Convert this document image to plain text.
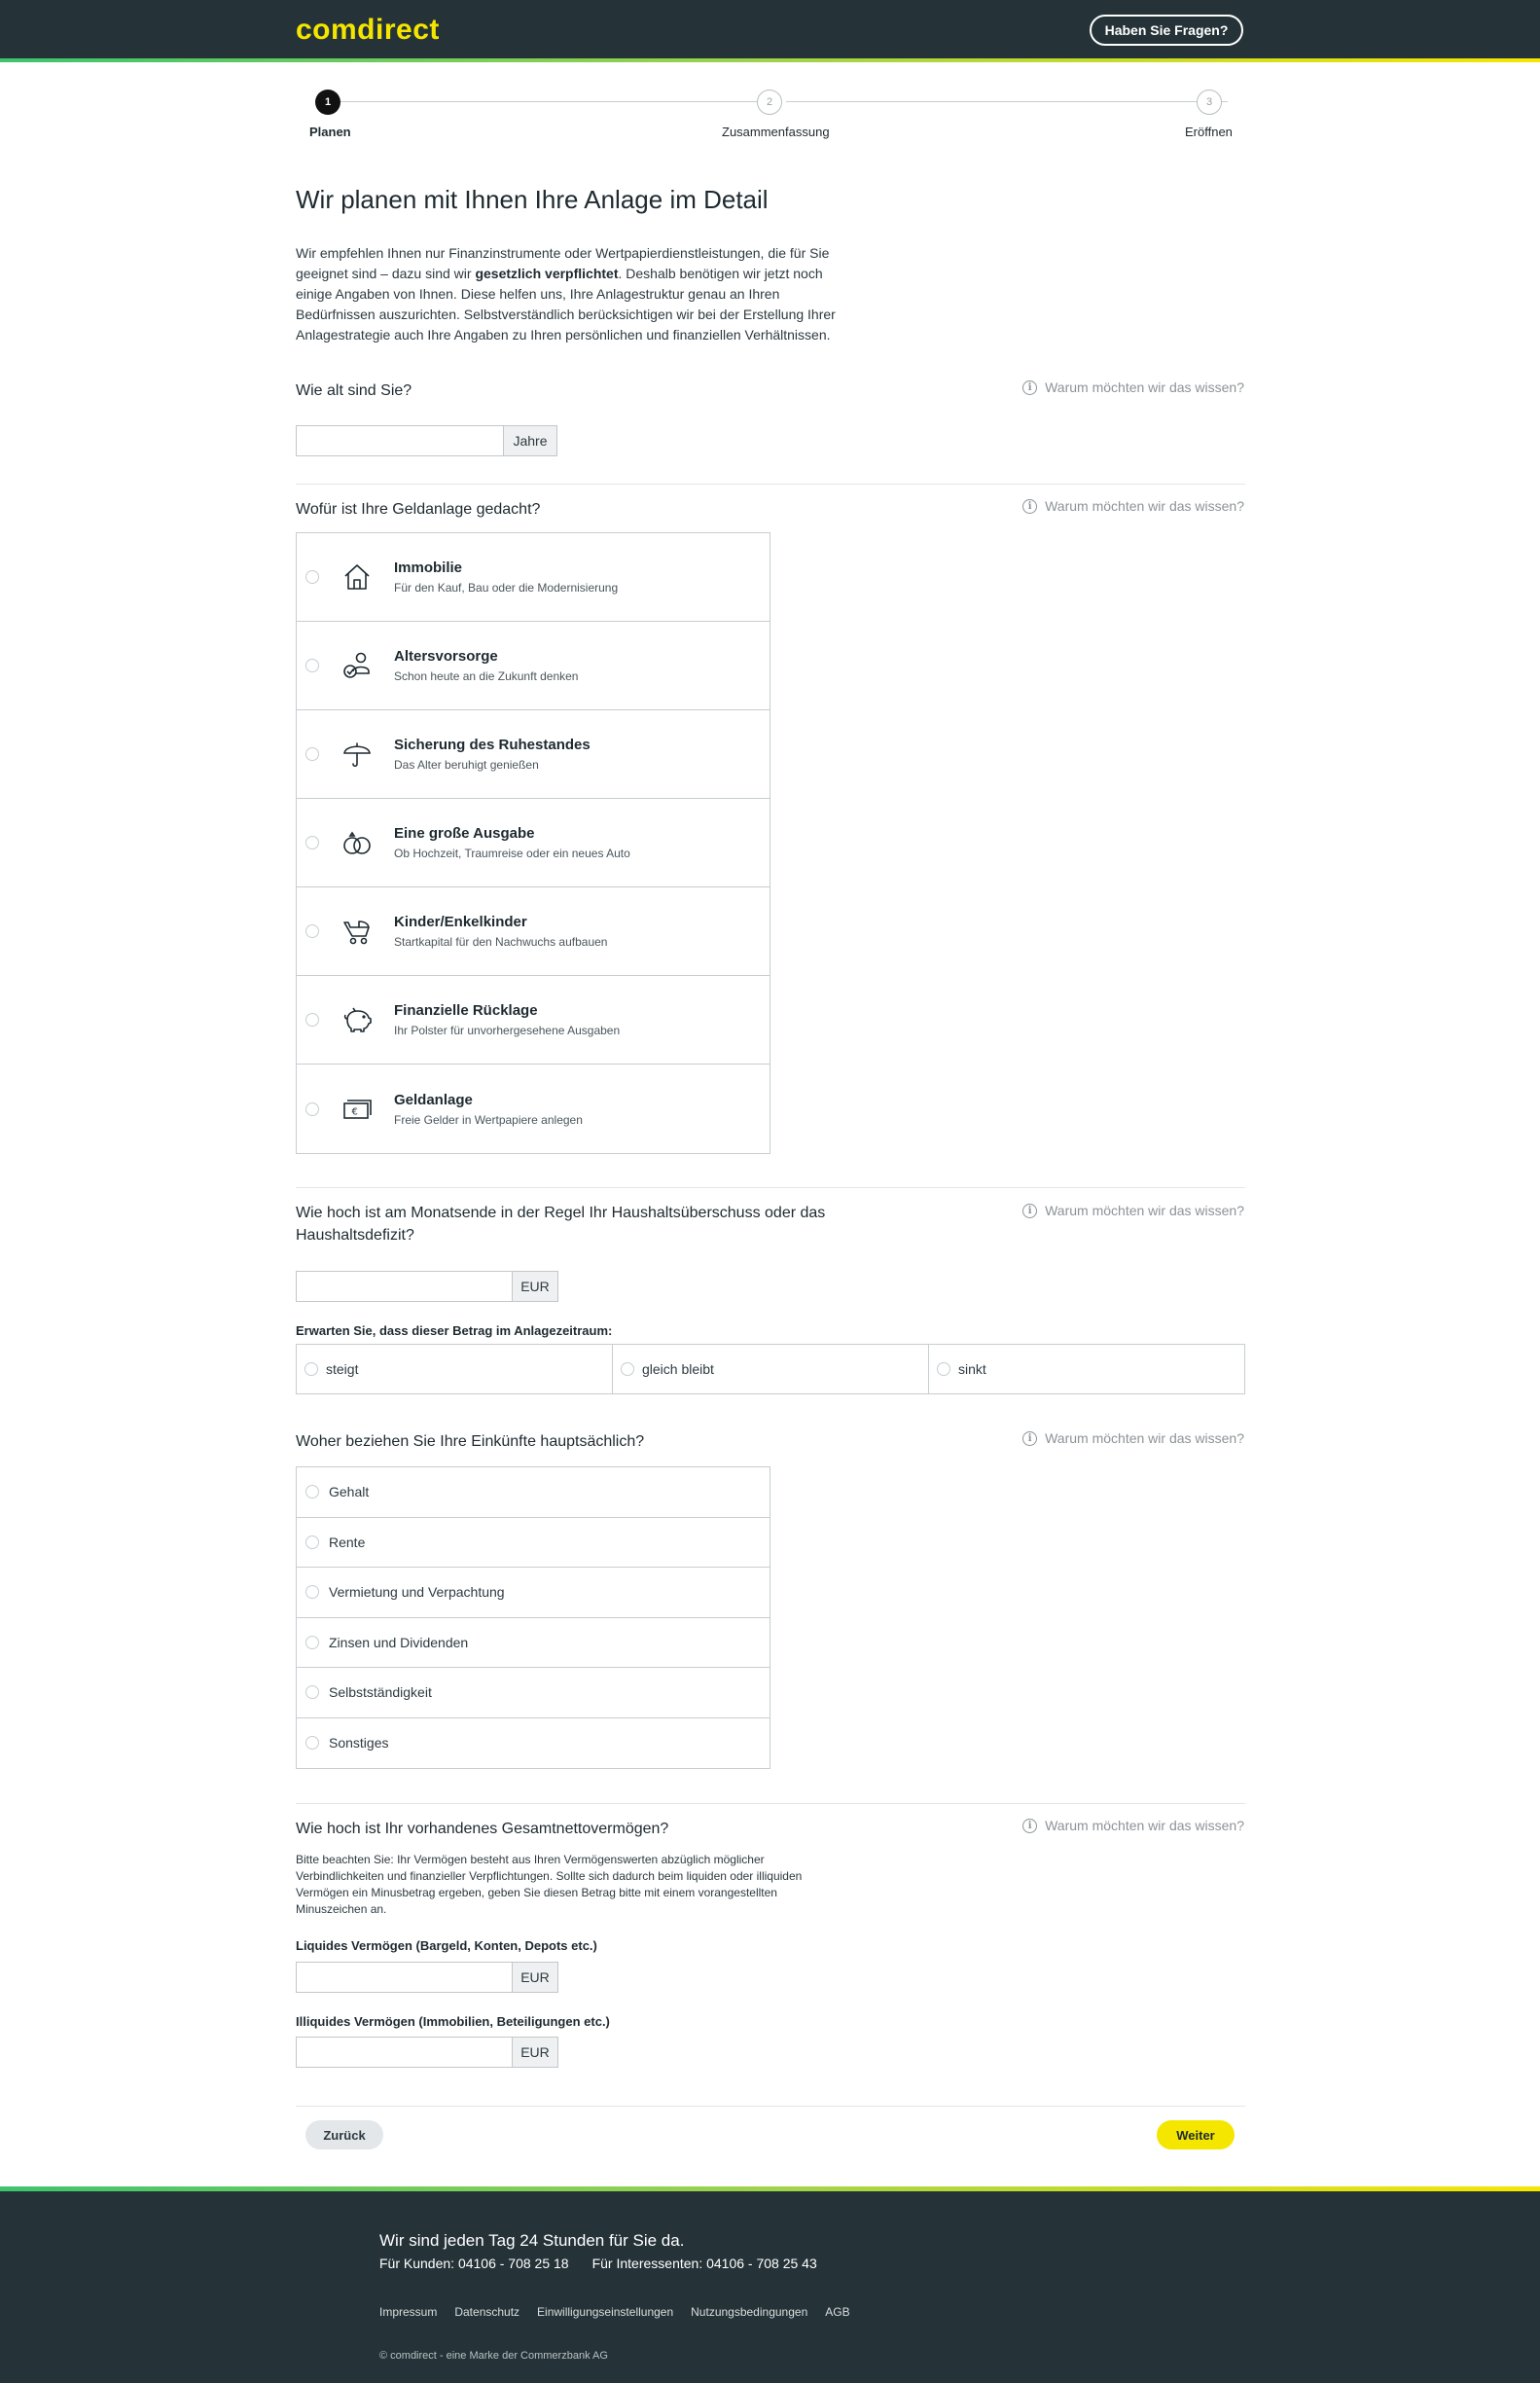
comdirect	Haben Sie Fragen?
1	2	3
Planen	Zusammenfassung	Eröffnen
Wir planen mit Ihnen Ihre Anlage im Detail

Wir empfehlen Ihnen nur Finanzinstrumente oder Wertpapierdienstleistungen, die für Sie geeignet sind – dazu sind wir gesetzlich verpflichtet. Deshalb benötigen wir jetzt noch einige Angaben von Ihnen. Diese helfen uns, Ihre Anlagestruktur genau an Ihren Bedürfnissen auszurichten. Selbstverständlich berücksichtigen wir bei der Erstellung Ihrer Anlagestrategie auch Ihre Angaben zu Ihren persönlichen und finanziellen Verhältnissen.

Wie alt sind Sie?	i Warum möchten wir das wissen?
Jahre
Wofür ist Ihre Geldanlage gedacht?	i Warum möchten wir das wissen?
Immobilie
Für den Kauf, Bau oder die Modernisierung
Altersvorsorge
Schon heute an die Zukunft denken
Sicherung des Ruhestandes
Das Alter beruhigt genießen
Eine große Ausgabe
Ob Hochzeit, Traumreise oder ein neues Auto
Kinder/Enkelkinder
Startkapital für den Nachwuchs aufbauen
Finanzielle Rücklage
Ihr Polster für unvorhergesehene Ausgaben
€
Geldanlage
Freie Gelder in Wertpapiere anlegen
Wie hoch ist am Monatsende in der Regel Ihr Haushaltsüberschuss oder das Haushaltsdefizit?
i Warum möchten wir das wissen?
EUR
Erwarten Sie, dass dieser Betrag im Anlagezeitraum:
steigt	gleich bleibt	sinkt
Woher beziehen Sie Ihre Einkünfte hauptsächlich?	i Warum möchten wir das wissen?
Gehalt
Rente
Vermietung und Verpachtung
Zinsen und Dividenden
Selbstständigkeit
Sonstiges
Wie hoch ist Ihr vorhandenes Gesamtnettovermögen?	i Warum möchten wir das wissen?

Bitte beachten Sie: Ihr Vermögen besteht aus Ihren Vermögenswerten abzüglich möglicher Verbindlichkeiten und finanzieller Verpflichtungen. Sollte sich dadurch beim liquiden oder illiquiden Vermögen ein Minusbetrag ergeben, geben Sie diesen Betrag bitte mit einem vorangestellten Minuszeichen an.

Liquides Vermögen (Bargeld, Konten, Depots etc.)
EUR
Illiquides Vermögen (Immobilien, Beteiligungen etc.)
EUR
Zurück	Weiter
Wir sind jeden Tag 24 Stunden für Sie da.
Für Kunden: 04106 - 708 25 18 Für Interessenten: 04106 - 708 25 43
Impressum Datenschutz Einwilligungseinstellungen Nutzungsbedingungen AGB
© comdirect - eine Marke der Commerzbank AG
